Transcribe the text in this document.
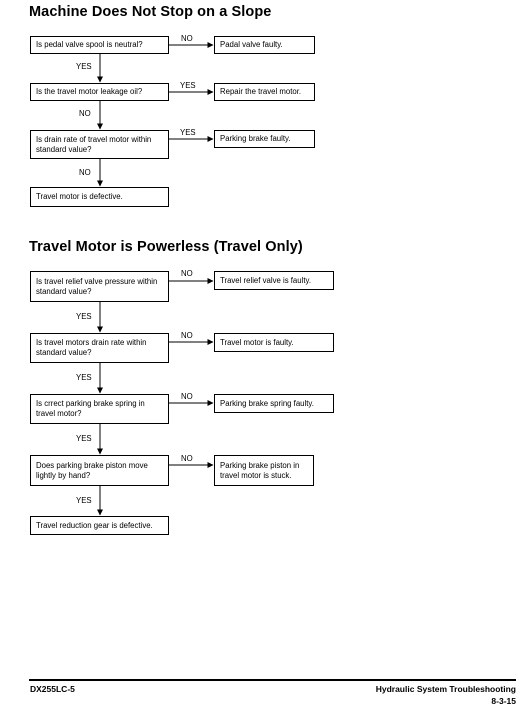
Machine Does Not Stop on a Slope
Is pedal valve spool is neutral?
NO
Padal valve faulty.
YES
Is the travel motor leakage oil?
YES
Repair the travel motor.
NO
Is drain rate of travel motor within standard value?
YES
Parking brake faulty.
NO
Travel motor is defective.
Travel Motor is Powerless (Travel Only)
Is travel relief valve pressure within standard value?
NO
Travel relief valve is faulty.
YES
Is travel motors drain rate within standard value?
NO
Travel motor is faulty.
YES
Is crrect parking brake spring in travel motor?
NO
Parking brake spring faulty.
YES
Does parking brake piston move lightly by hand?
NO
Parking brake piston in travel motor is stuck.
YES
Travel reduction gear is defective.
DX255LC-5	Hydraulic System Troubleshooting
8-3-15
